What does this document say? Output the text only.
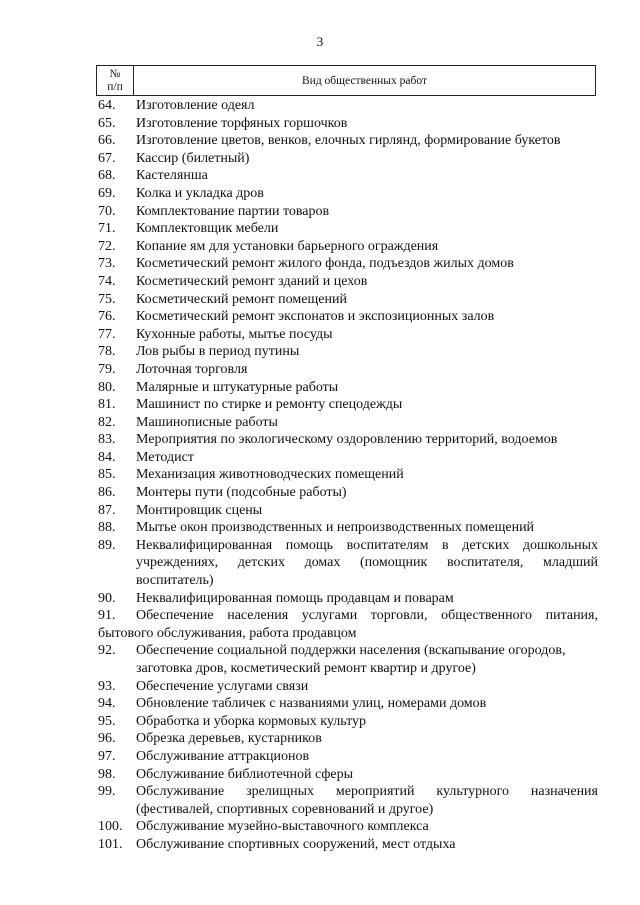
3
№
п/п	Вид общественных работ
64.	Изготовление одеял
65.	Изготовление торфяных горшочков
66.	Изготовление цветов, венков, елочных гирлянд, формирование букетов
67.	Кассир (билетный)
68.	Кастелянша
69.	Колка и укладка дров
70.	Комплектование партии товаров
71.	Комплектовщик мебели
72.	Копание ям для установки барьерного ограждения
73.	Косметический ремонт жилого фонда, подъездов жилых домов
74.	Косметический ремонт зданий и цехов
75.	Косметический ремонт помещений
76.	Косметический ремонт экспонатов и экспозиционных залов
77.	Кухонные работы, мытье посуды
78.	Лов рыбы в период путины
79.	Лоточная торговля
80.	Малярные и штукатурные работы
81.	Машинист по стирке и ремонту спецодежды
82.	Машинописные работы
83.	Мероприятия по экологическому оздоровлению территорий, водоемов
84.	Методист
85.	Механизация животноводческих помещений
86.	Монтеры пути (подсобные работы)
87.	Монтировщик сцены
88.	Мытье окон производственных и непроизводственных помещений
89.	Неквалифицированная помощь воспитателям в детских дошкольных учреждениях, детских домах (помощник воспитателя, младший воспитатель)
90.	Неквалифицированная помощь продавцам и поварам
91. Обеспечение населения услугами торговли, общественного питания, бытового обслуживания, работа продавцом
92.	Обеспечение социальной поддержки населения (вскапывание огородов, заготовка дров, косметический ремонт квартир и другое)
93.	Обеспечение услугами связи
94.	Обновление табличек с названиями улиц, номерами домов
95.	Обработка и уборка кормовых культур
96.	Обрезка деревьев, кустарников
97.	Обслуживание аттракционов
98.	Обслуживание библиотечной сферы
99.	Обслуживание зрелищных мероприятий культурного назначения (фестивалей, спортивных соревнований и другое)
100. Обслуживание музейно-выставочного комплекса
101. Обслуживание спортивных сооружений, мест отдыха
